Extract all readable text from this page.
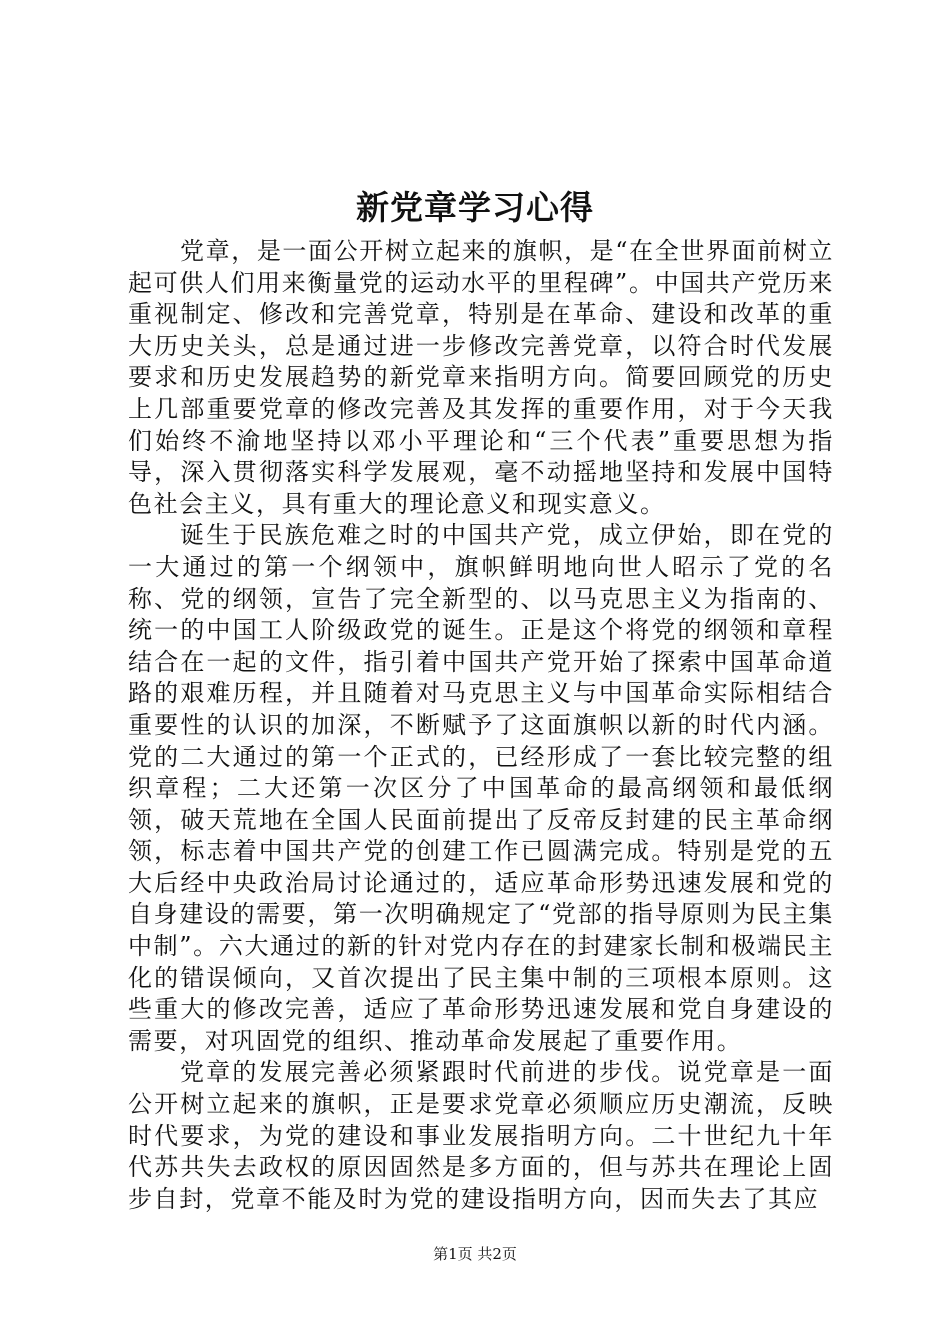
新党章学习心得

党章，是一面公开树立起来的旗帜，是“在全世界面前树立起可供人们用来衡量党的运动水平的里程碑”。中国共产党历来重视制定、修改和完善党章，特别是在革命、建设和改革的重大历史关头，总是通过进一步修改完善党章，以符合时代发展要求和历史发展趋势的新党章来指明方向。简要回顾党的历史上几部重要党章的修改完善及其发挥的重要作用，对于今天我们始终不渝地坚持以邓小平理论和“三个代表”重要思想为指导，深入贯彻落实科学发展观，毫不动摇地坚持和发展中国特色社会主义，具有重大的理论意义和现实意义。

诞生于民族危难之时的中国共产党，成立伊始，即在党的一大通过的第一个纲领中，旗帜鲜明地向世人昭示了党的名称、党的纲领，宣告了完全新型的、以马克思主义为指南的、统一的中国工人阶级政党的诞生。正是这个将党的纲领和章程结合在一起的文件，指引着中国共产党开始了探索中国革命道路的艰难历程，并且随着对马克思主义与中国革命实际相结合重要性的认识的加深，不断赋予了这面旗帜以新的时代内涵。党的二大通过的第一个正式的，已经形成了一套比较完整的组织章程；二大还第一次区分了中国革命的最高纲领和最低纲领，破天荒地在全国人民面前提出了反帝反封建的民主革命纲领，标志着中国共产党的创建工作已圆满完成。特别是党的五大后经中央政治局讨论通过的，适应革命形势迅速发展和党的自身建设的需要，第一次明确规定了“党部的指导原则为民主集中制”。六大通过的新的针对党内存在的封建家长制和极端民主化的错误倾向，又首次提出了民主集中制的三项根本原则。这些重大的修改完善，适应了革命形势迅速发展和党自身建设的需要，对巩固党的组织、推动革命发展起了重要作用。

党章的发展完善必须紧跟时代前进的步伐。说党章是一面公开树立起来的旗帜，正是要求党章必须顺应历史潮流，反映时代要求，为党的建设和事业发展指明方向。二十世纪九十年代苏共失去政权的原因固然是多方面的，但与苏共在理论上固步自封，党章不能及时为党的建设指明方向，因而失去了其应

第1页 共2页
